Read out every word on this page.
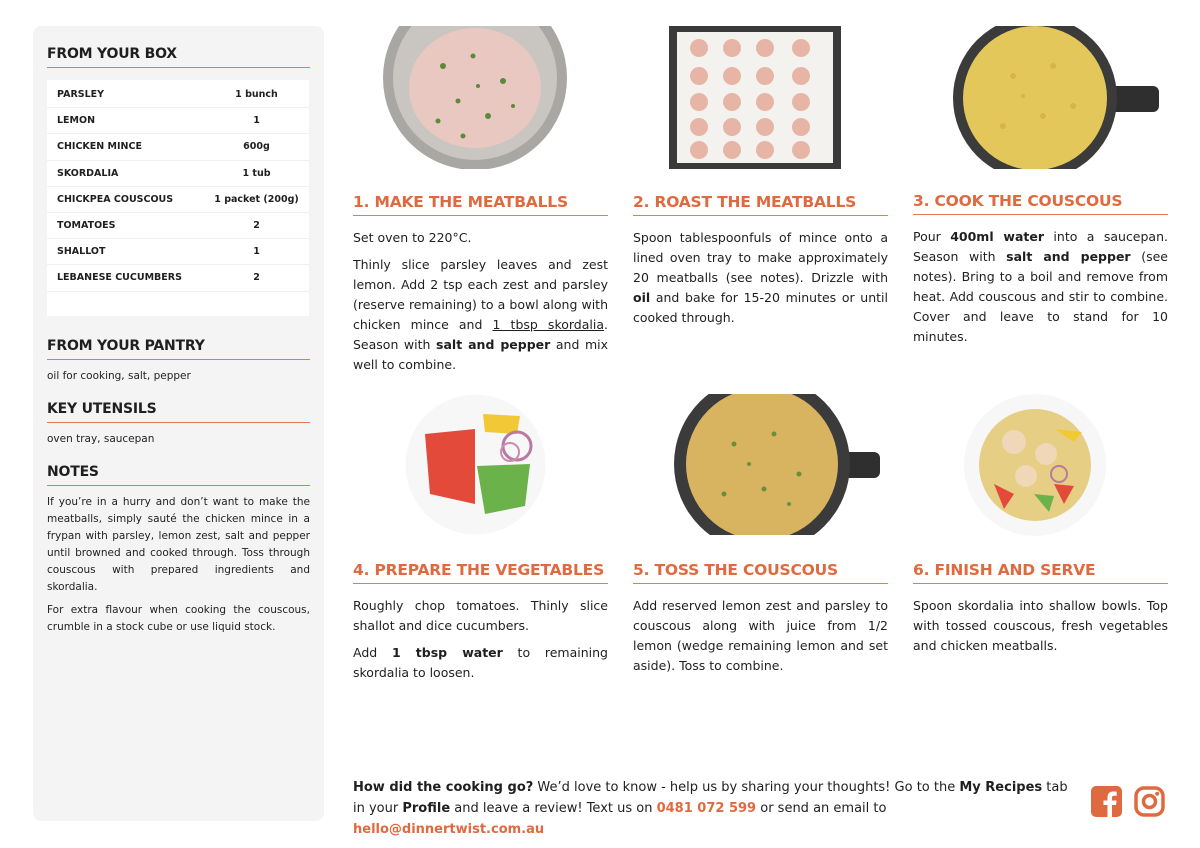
FROM YOUR BOX
PARSLEY	1 bunch
LEMON	1
CHICKEN MINCE	600g
SKORDALIA	1 tub
CHICKPEA COUSCOUS	1 packet (200g)
TOMATOES	2
SHALLOT	1
LEBANESE CUCUMBERS	2
FROM YOUR PANTRY
oil for cooking, salt, pepper
KEY UTENSILS
oven tray, saucepan
NOTES
If you’re in a hurry and don’t want to make the meatballs, simply sauté the chicken mince in a frypan with parsley, lemon zest, salt and pepper until browned and cooked through. Toss through couscous with prepared ingredients and skordalia.
For extra flavour when cooking the couscous, crumble in a stock cube or use liquid stock.
1. MAKE THE MEATBALLS

Set oven to 220°C.

Thinly slice parsley leaves and zest lemon. Add 2 tsp each zest and parsley (reserve remaining) to a bowl along with chicken mince and 1 tbsp skordalia. Season with salt and pepper and mix well to combine.

2. ROAST THE MEATBALLS

Spoon tablespoonfuls of mince onto a lined oven tray to make approximately 20 meatballs (see notes). Drizzle with oil and bake for 15-20 minutes or until cooked through.

3. COOK THE COUSCOUS

Pour 400ml water into a saucepan. Season with salt and pepper (see notes). Bring to a boil and remove from heat. Add couscous and stir to combine. Cover and leave to stand for 10 minutes.

4. PREPARE THE VEGETABLES

Roughly chop tomatoes. Thinly slice shallot and dice cucumbers.

Add 1 tbsp water to remaining skordalia to loosen.

5. TOSS THE COUSCOUS

Add reserved lemon zest and parsley to couscous along with juice from 1/2 lemon (wedge remaining lemon and set aside). Toss to combine.

6. FINISH AND SERVE

Spoon skordalia into shallow bowls. Top with tossed couscous, fresh vegetables and chicken meatballs.

How did the cooking go? We’d love to know - help us by sharing your thoughts! Go to the My Recipes tab in your Profile and leave a review! Text us on 0481 072 599 or send an email to hello@dinnertwist.com.au
